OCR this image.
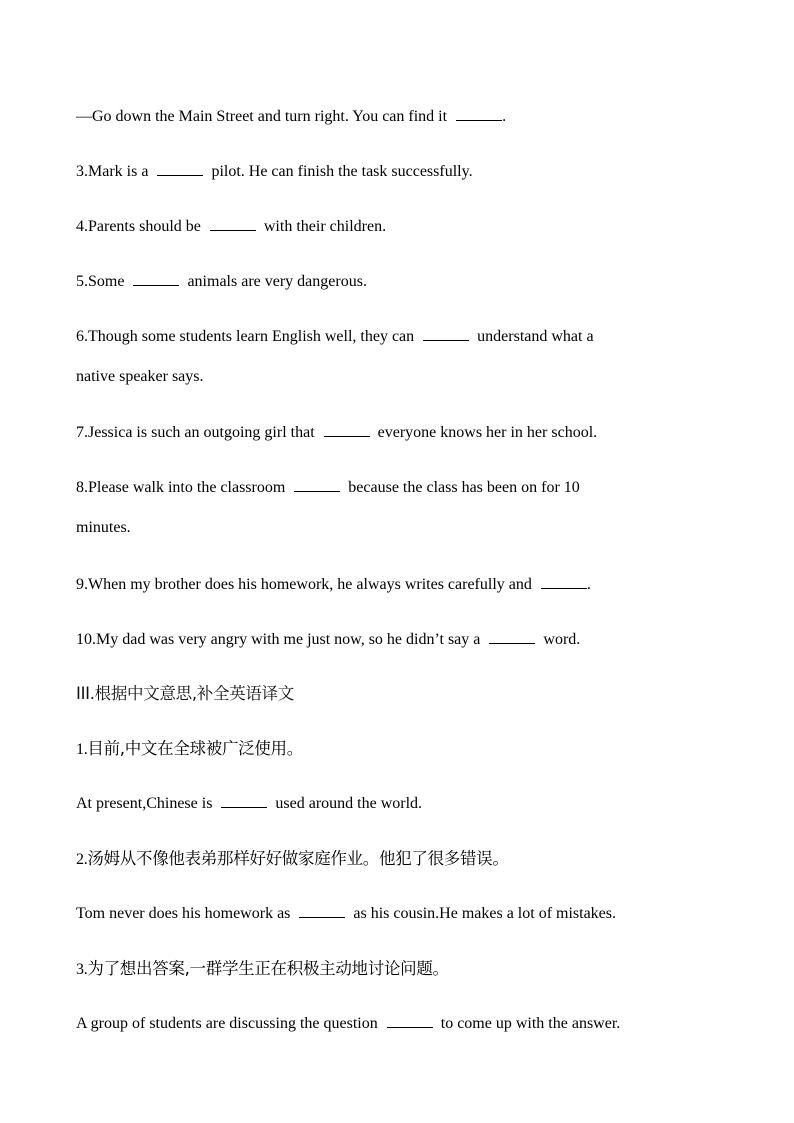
—Go down the Main Street and turn right. You can find it	.
3.Mark is a	pilot. He can finish the task successfully.
4.Parents should be	with their children.
5.Some	animals are very dangerous.
6.Though some students learn English well, they can	understand what a
native speaker says.
7.Jessica is such an outgoing girl that	everyone knows her in her school.
8.Please walk into the classroom	because the class has been on for 10
minutes.
9.When my brother does his homework, he always writes carefully and	.
10.My dad was very angry with me just now, so he didn’t say a	word.
III.根据中文意思,补全英语译文
1.目前,中文在全球被广泛使用。
At present,Chinese is	used around the world.
2.汤姆从不像他表弟那样好好做家庭作业。他犯了很多错误。
Tom never does his homework as	as his cousin.He makes a lot of mistakes.
3.为了想出答案,一群学生正在积极主动地讨论问题。
A group of students are discussing the question	to come up with the answer.
